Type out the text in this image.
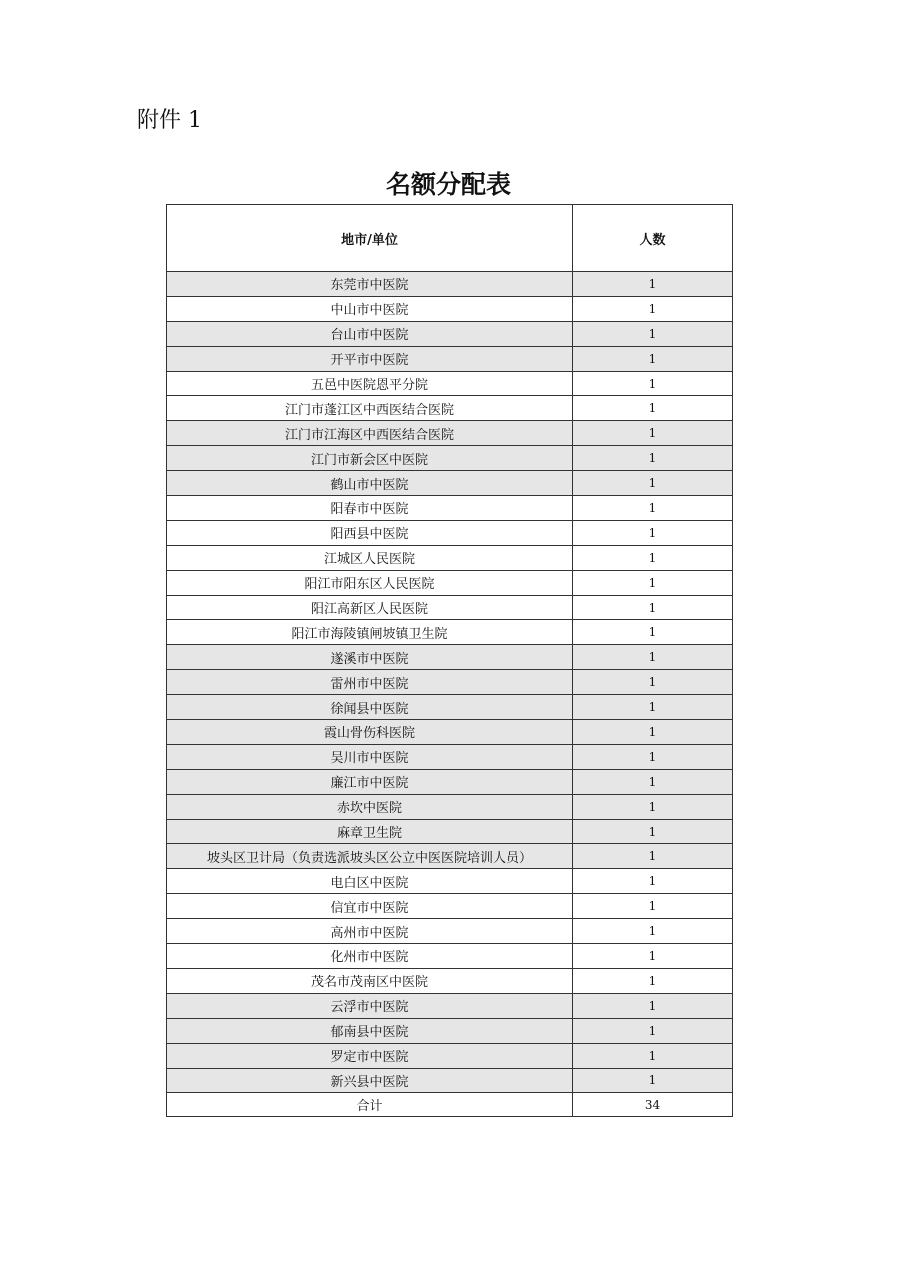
附件 1
名额分配表
地市/单位	人数
东莞市中医院	1
中山市中医院	1
台山市中医院	1
开平市中医院	1
五邑中医院恩平分院	1
江门市蓬江区中西医结合医院	1
江门市江海区中西医结合医院	1
江门市新会区中医院	1
鹤山市中医院	1
阳春市中医院	1
阳西县中医院	1
江城区人民医院	1
阳江市阳东区人民医院	1
阳江高新区人民医院	1
阳江市海陵镇闸坡镇卫生院	1
遂溪市中医院	1
雷州市中医院	1
徐闻县中医院	1
霞山骨伤科医院	1
吴川市中医院	1
廉江市中医院	1
赤坎中医院	1
麻章卫生院	1
坡头区卫计局（负责选派坡头区公立中医医院培训人员）	1
电白区中医院	1
信宜市中医院	1
高州市中医院	1
化州市中医院	1
茂名市茂南区中医院	1
云浮市中医院	1
郁南县中医院	1
罗定市中医院	1
新兴县中医院	1
合计	34
